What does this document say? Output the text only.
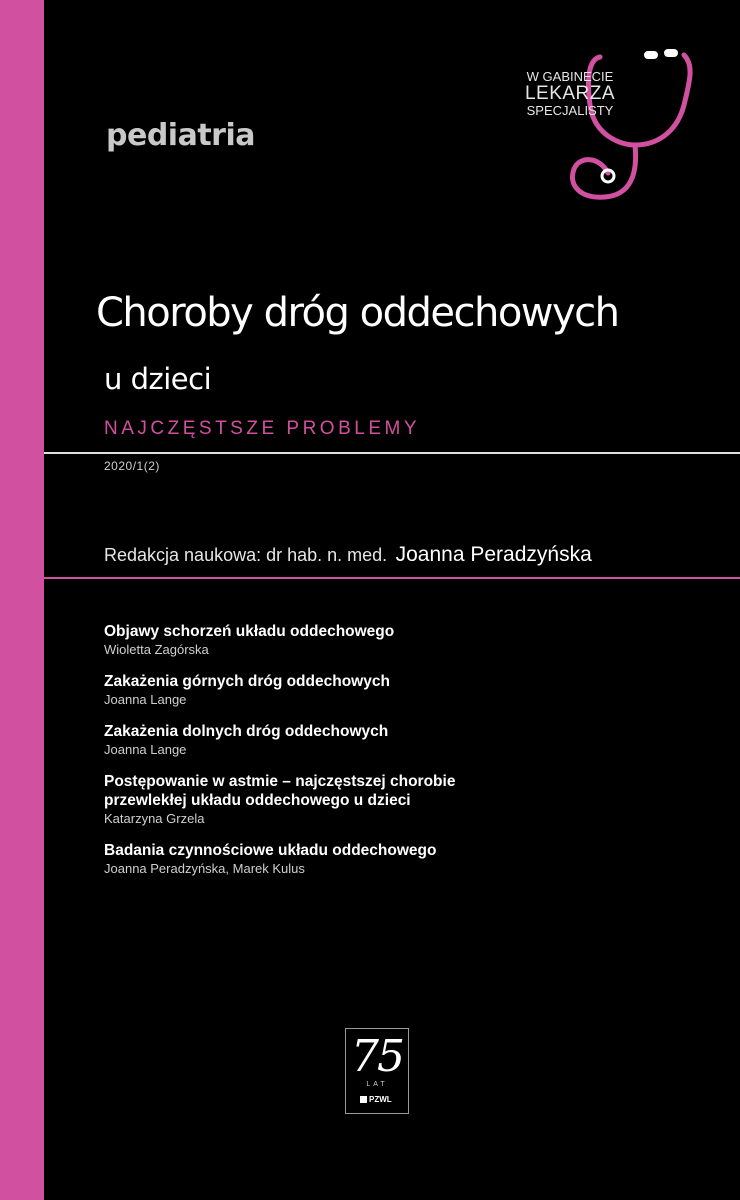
pediatria
W GABINECIE
LEKARZA
SPECJALISTY
Choroby dróg oddechowych
u dzieci
NAJCZĘSTSZE PROBLEMY
2020/1(2)
Redakcja naukowa: dr hab. n. med. Joanna Peradzyńska
Objawy schorzeń układu oddechowego
Wioletta Zagórska
Zakażenia górnych dróg oddechowych
Joanna Lange
Zakażenia dolnych dróg oddechowych
Joanna Lange
Postępowanie w astmie – najczęstszej chorobie
przewlekłej układu oddechowego u dzieci
Katarzyna Grzela
Badania czynnościowe układu oddechowego
Joanna Peradzyńska, Marek Kulus
75
LAT
PZWL
